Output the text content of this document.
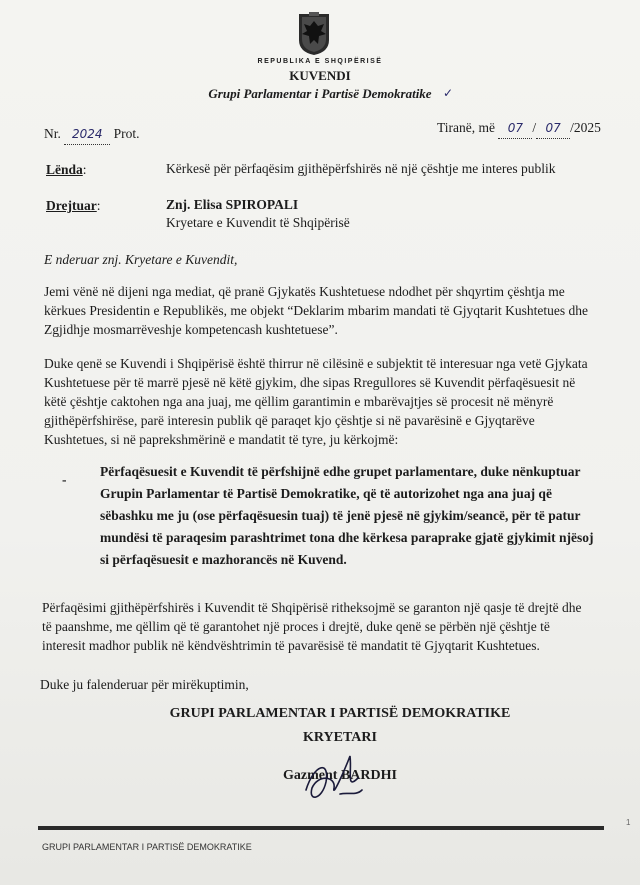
REPUBLIKA E SHQIPËRISË
KUVENDI
Grupi Parlamentar i Partisë Demokratike ✓
Nr. 2024 Prot.	Tiranë, më 07 / 07 /2025
Lënda:	Kërkesë për përfaqësim gjithëpërfshirës në një çështje me interes publik
Drejtuar:	Znj. Elisa SPIROPALI
Kryetare e Kuvendit të Shqipërisë
E nderuar znj. Kryetare e Kuvendit,
Jemi vënë në dijeni nga mediat, që pranë Gjykatës Kushtetuese ndodhet për shqyrtim çështja me
kërkues Presidentin e Republikës, me objekt “Deklarim mbarim mandati të Gjyqtarit Kushtetues dhe
Zgjidhje mosmarrëveshje kompetencash kushtetuese”.
Duke qenë se Kuvendi i Shqipërisë është thirrur në cilësinë e subjektit të interesuar nga vetë Gjykata
Kushtetuese për të marrë pjesë në këtë gjykim, dhe sipas Rregullores së Kuvendit përfaqësuesit në
këtë çështje caktohen nga ana juaj, me qëllim garantimin e mbarëvajtjes së procesit në mënyrë
gjithëpërfshirëse, parë interesin publik që paraqet kjo çështje si në pavarësinë e Gjyqtarëve
Kushtetues, si në paprekshmërinë e mandatit të tyre, ju kërkojmë:
-
Përfaqësuesit e Kuvendit të përfshijnë edhe grupet parlamentare, duke nënkuptuar
Grupin Parlamentar të Partisë Demokratike, që të autorizohet nga ana juaj që
sëbashku me ju (ose përfaqësuesin tuaj) të jenë pjesë në gjykim/seancë, për të patur
mundësi të paraqesim parashtrimet tona dhe kërkesa paraprake gjatë gjykimit njësoj
si përfaqësuesit e mazhorancës në Kuvend.
Përfaqësimi gjithëpërfshirës i Kuvendit të Shqipërisë ritheksojmë se garanton një qasje të drejtë dhe
të paanshme, me qëllim që të garantohet një proces i drejtë, duke qenë se përbën një çështje të
interesit madhor publik në këndvështrimin të pavarësisë të mandatit të Gjyqtarit Kushtetues.
Duke ju falenderuar për mirëkuptimin,
GRUPI PARLAMENTAR I PARTISË DEMOKRATIKE
KRYETARI
Gazment BARDHI
1
GRUPI PARLAMENTAR I PARTISË DEMOKRATIKE
